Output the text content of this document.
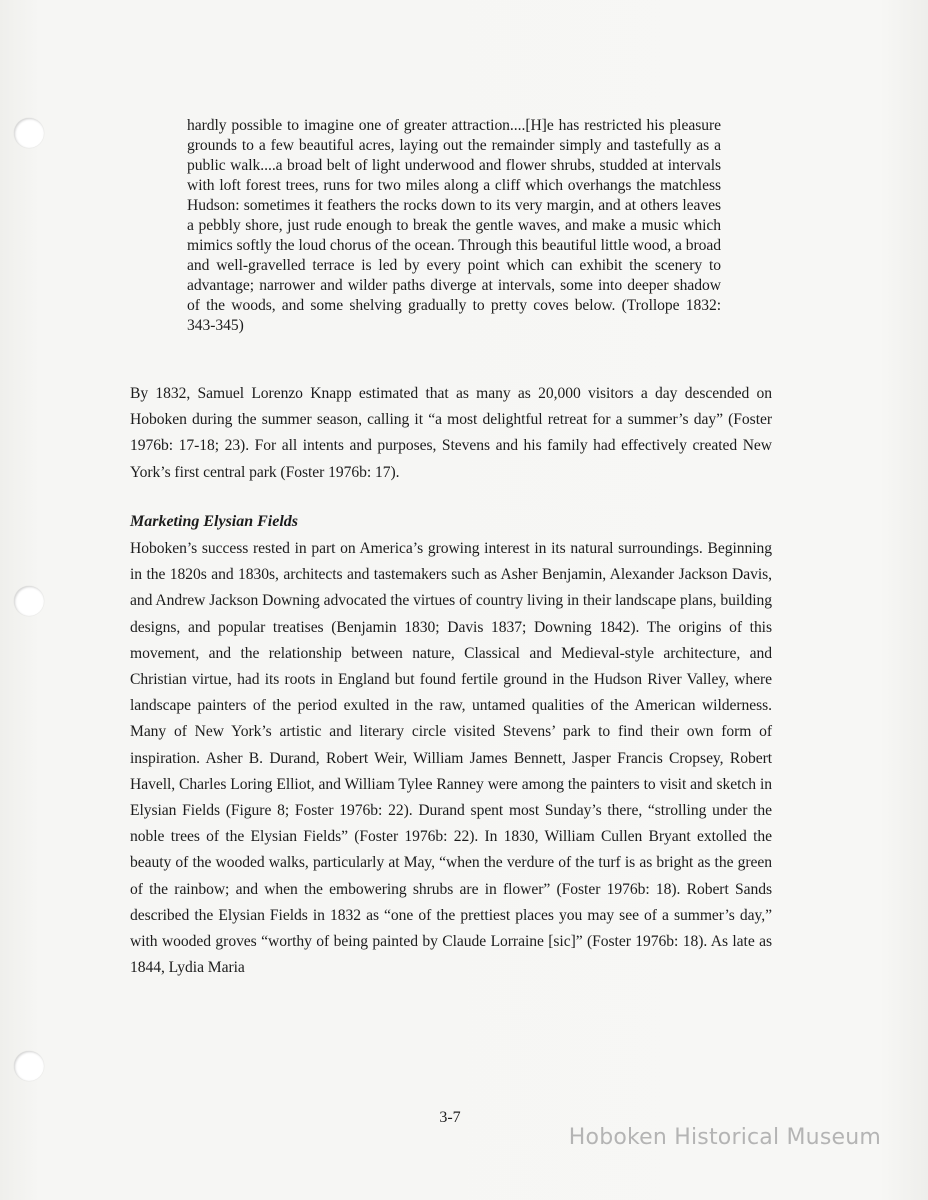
hardly possible to imagine one of greater attraction....[H]e has restricted his pleasure grounds to a few beautiful acres, laying out the remainder simply and tastefully as a public walk....a broad belt of light underwood and flower shrubs, studded at intervals with loft forest trees, runs for two miles along a cliff which overhangs the matchless Hudson: sometimes it feathers the rocks down to its very margin, and at others leaves a pebbly shore, just rude enough to break the gentle waves, and make a music which mimics softly the loud chorus of the ocean. Through this beautiful little wood, a broad and well-gravelled terrace is led by every point which can exhibit the scenery to advantage; narrower and wilder paths diverge at intervals, some into deeper shadow of the woods, and some shelving gradually to pretty coves below. (Trollope 1832: 343-345)

By 1832, Samuel Lorenzo Knapp estimated that as many as 20,000 visitors a day descended on Hoboken during the summer season, calling it “a most delightful retreat for a summer’s day” (Foster 1976b: 17-18; 23). For all intents and purposes, Stevens and his family had effectively created New York’s first central park (Foster 1976b: 17).

Marketing Elysian Fields

Hoboken’s success rested in part on America’s growing interest in its natural surroundings. Beginning in the 1820s and 1830s, architects and tastemakers such as Asher Benjamin, Alexander Jackson Davis, and Andrew Jackson Downing advocated the virtues of country living in their landscape plans, building designs, and popular treatises (Benjamin 1830; Davis 1837; Downing 1842). The origins of this movement, and the relationship between nature, Classical and Medieval-style architecture, and Christian virtue, had its roots in England but found fertile ground in the Hudson River Valley, where landscape painters of the period exulted in the raw, untamed qualities of the American wilderness. Many of New York’s artistic and literary circle visited Stevens’ park to find their own form of inspiration. Asher B. Durand, Robert Weir, William James Bennett, Jasper Francis Cropsey, Robert Havell, Charles Loring Elliot, and William Tylee Ranney were among the painters to visit and sketch in Elysian Fields (Figure 8; Foster 1976b: 22). Durand spent most Sunday’s there, “strolling under the noble trees of the Elysian Fields” (Foster 1976b: 22). In 1830, William Cullen Bryant extolled the beauty of the wooded walks, particularly at May, “when the verdure of the turf is as bright as the green of the rainbow; and when the embowering shrubs are in flower” (Foster 1976b: 18). Robert Sands described the Elysian Fields in 1832 as “one of the prettiest places you may see of a summer’s day,” with wooded groves “worthy of being painted by Claude Lorraine [sic]” (Foster 1976b: 18). As late as 1844, Lydia Maria

3-7
Hoboken Historical Museum
